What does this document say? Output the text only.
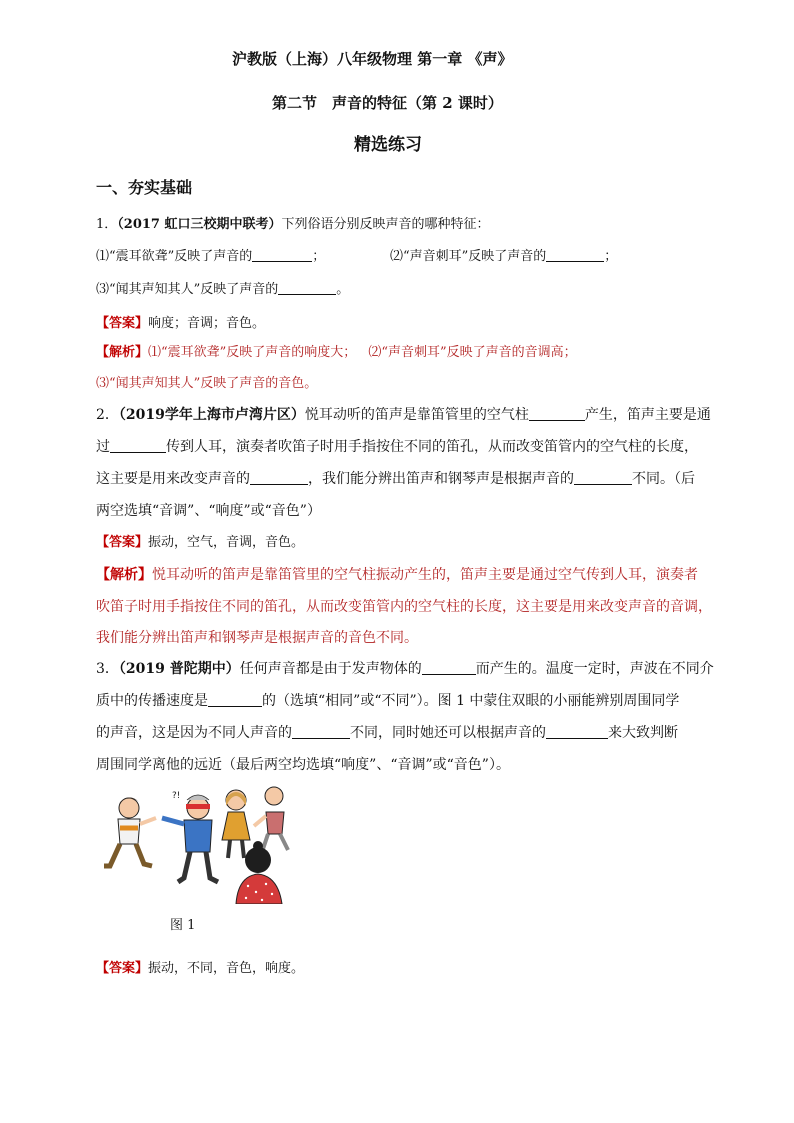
沪教版（上海）八年级物理 第一章 《声》
第二节　声音的特征（第 2 课时）
精选练习
一、夯实基础
1．（2017 虹口三校期中联考）下列俗语分别反映声音的哪种特征：
⑴“震耳欲聋”反映了声音的	；	⑵“声音刺耳”反映了声音的	；
⑶“闻其声知其人”反映了声音的	。
【答案】响度；音调；音色。
【解析】⑴“震耳欲聋”反映了声音的响度大； ⑵“声音刺耳”反映了声音的音调高；
⑶“闻其声知其人”反映了声音的音色。
2．（2019学年上海市卢湾片区）悦耳动听的笛声是靠笛管里的空气柱	产生，笛声主要是通
过	传到人耳，演奏者吹笛子时用手指按住不同的笛孔，从而改变笛管内的空气柱的长度，
这主要是用来改变声音的	，我们能分辨出笛声和钢琴声是根据声音的	不同。（后
两空选填“音调”、“响度”或“音色”）
【答案】振动，空气，音调，音色。
【解析】悦耳动听的笛声是靠笛管里的空气柱振动产生的，笛声主要是通过空气传到人耳，演奏者
吹笛子时用手指按住不同的笛孔，从而改变笛管内的空气柱的长度，这主要是用来改变声音的音调，
我们能分辨出笛声和钢琴声是根据声音的音色不同。
3．（2019 普陀期中）任何声音都是由于发声物体的	而产生的。温度一定时，声波在不同介
质中的传播速度是	的（选填“相同”或“不同”）。图 1 中蒙住双眼的小丽能辨别周围同学
的声音，这是因为不同人声音的	不同，同时她还可以根据声音的	来大致判断
周围同学离他的远近（最后两空均选填“响度”、“音调”或“音色”）。
?!
图 1
【答案】振动，不同，音色，响度。
